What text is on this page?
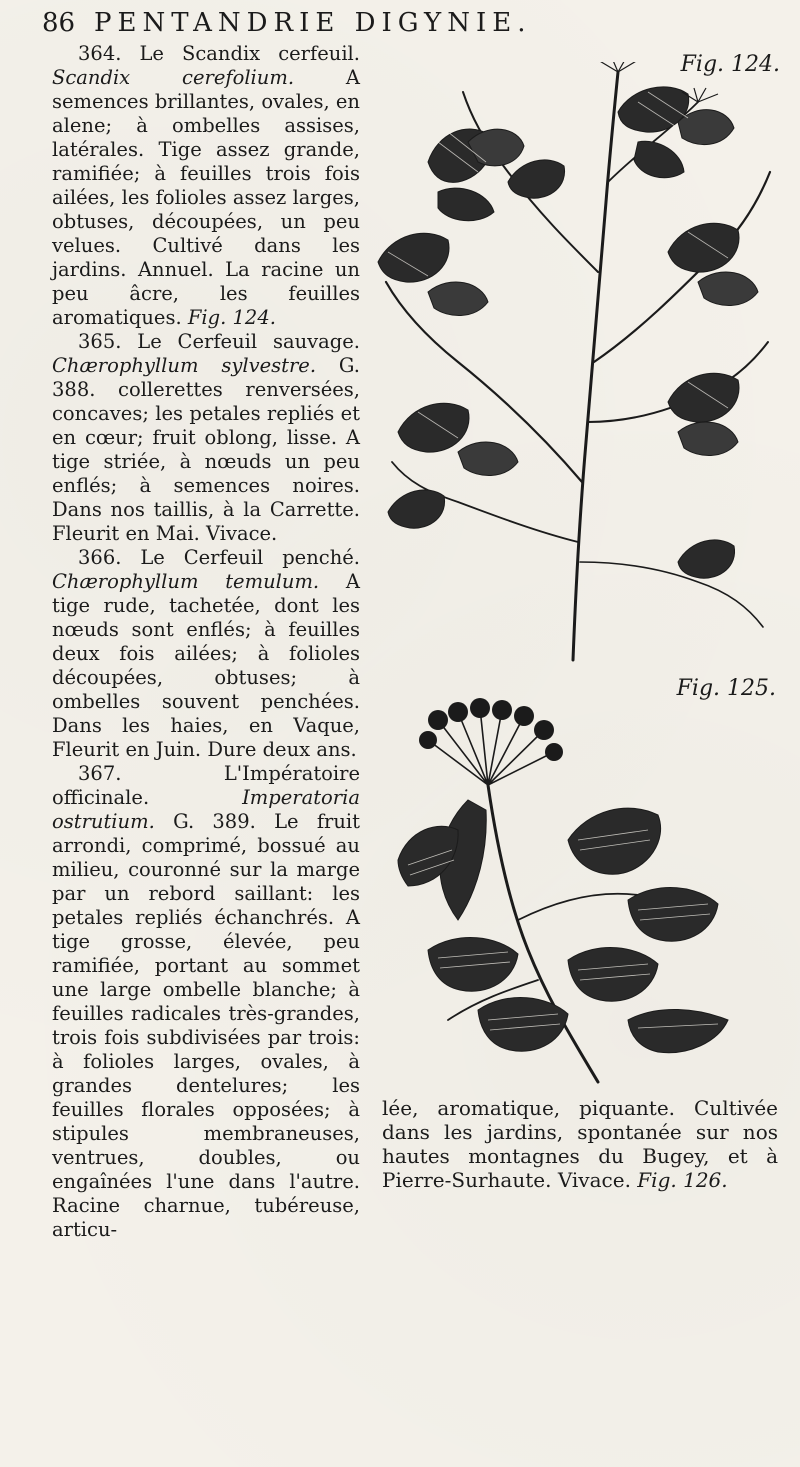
86 PENTANDRIE DIGYNIE.

364. Le Scandix cerfeuil. Scandix cerefolium.	A semences brillantes, ovales, en alene; à ombelles assises, latérales. Tige assez grande, ramifiée; à feuilles trois fois ailées, les folioles assez larges, obtuses, découpées, un peu velues. Cultivé dans les jardins. Annuel. La racine un peu âcre, les feuilles aromatiques. Fig. 124.

365. Le Cerfeuil sauvage. Chærophyllum sylvestre. G. 388. collerettes renversées, concaves; les petales repliés et en cœur; fruit oblong, lisse. A tige striée, à nœuds un peu enflés; à semences noires. Dans nos taillis, à la Carrette. Fleurit en Mai. Vivace.

366. Le Cerfeuil penché. Chærophyllum temulum. A tige rude, tachetée, dont les nœuds sont enflés; à feuilles deux fois ailées; à folioles découpées, obtuses; à ombelles souvent penchées. Dans les haies, en Vaque, Fleurit en Juin. Dure deux ans.

367.	L'Impératoire officinale.	Imperatoria ostrutium. G. 389. Le fruit arrondi, comprimé, bossué au milieu, couronné sur la marge par un rebord saillant: les petales repliés échanchrés. A tige grosse, élevée, peu ramifiée, portant au sommet une large ombelle blanche; à feuilles radicales très-grandes, trois fois subdivisées par trois: à folioles larges, ovales, à grandes dentelures; les feuilles florales opposées; à stipules membraneuses, ventrues, doubles, ou engaînées l'une dans l'autre. Racine charnue, tubéreuse, articu-

Fig. 124.
Fig. 125.
lée, aromatique, piquante. Cultivée dans les jardins, spontanée sur nos hautes montagnes du Bugey, et à Pierre-Surhaute. Vivace. Fig. 126.
